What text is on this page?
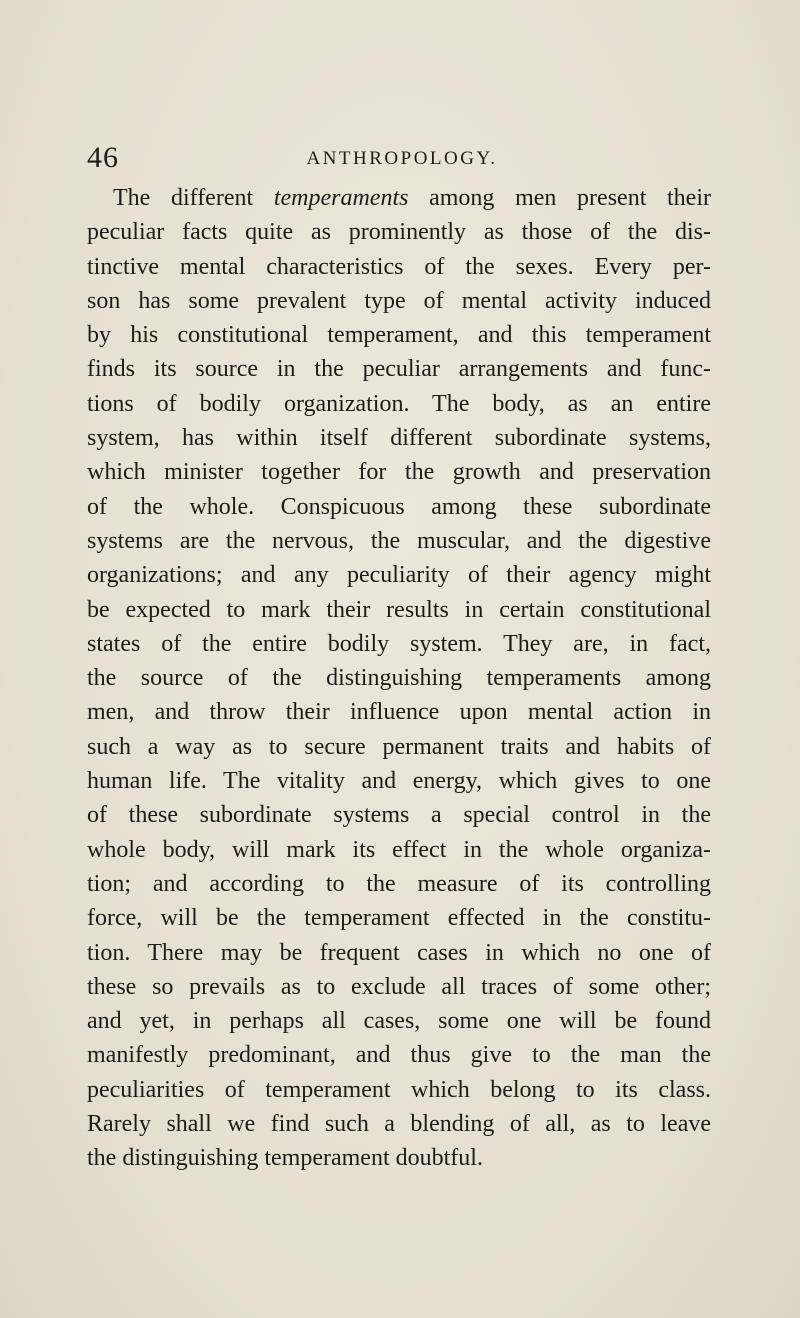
46	ANTHROPOLOGY.
The different temperaments among men present their
peculiar facts quite as prominently as those of the dis-
tinctive mental characteristics of the sexes. Every per-
son has some prevalent type of mental activity induced
by his constitutional temperament, and this temperament
finds its source in the peculiar arrangements and func-
tions of bodily organization. The body, as an entire
system, has within itself different subordinate systems,
which minister together for the growth and preservation
of the whole. Conspicuous among these subordinate
systems are the nervous, the muscular, and the digestive
organizations; and any peculiarity of their agency might
be expected to mark their results in certain constitutional
states of the entire bodily system. They are, in fact,
the source of the distinguishing temperaments among
men, and throw their influence upon mental action in
such a way as to secure permanent traits and habits of
human life. The vitality and energy, which gives to one
of these subordinate systems a special control in the
whole body, will mark its effect in the whole organiza-
tion; and according to the measure of its controlling
force, will be the temperament effected in the constitu-
tion. There may be frequent cases in which no one of
these so prevails as to exclude all traces of some other;
and yet, in perhaps all cases, some one will be found
manifestly predominant, and thus give to the man the
peculiarities of temperament which belong to its class.
Rarely shall we find such a blending of all, as to leave
the distinguishing temperament doubtful.
